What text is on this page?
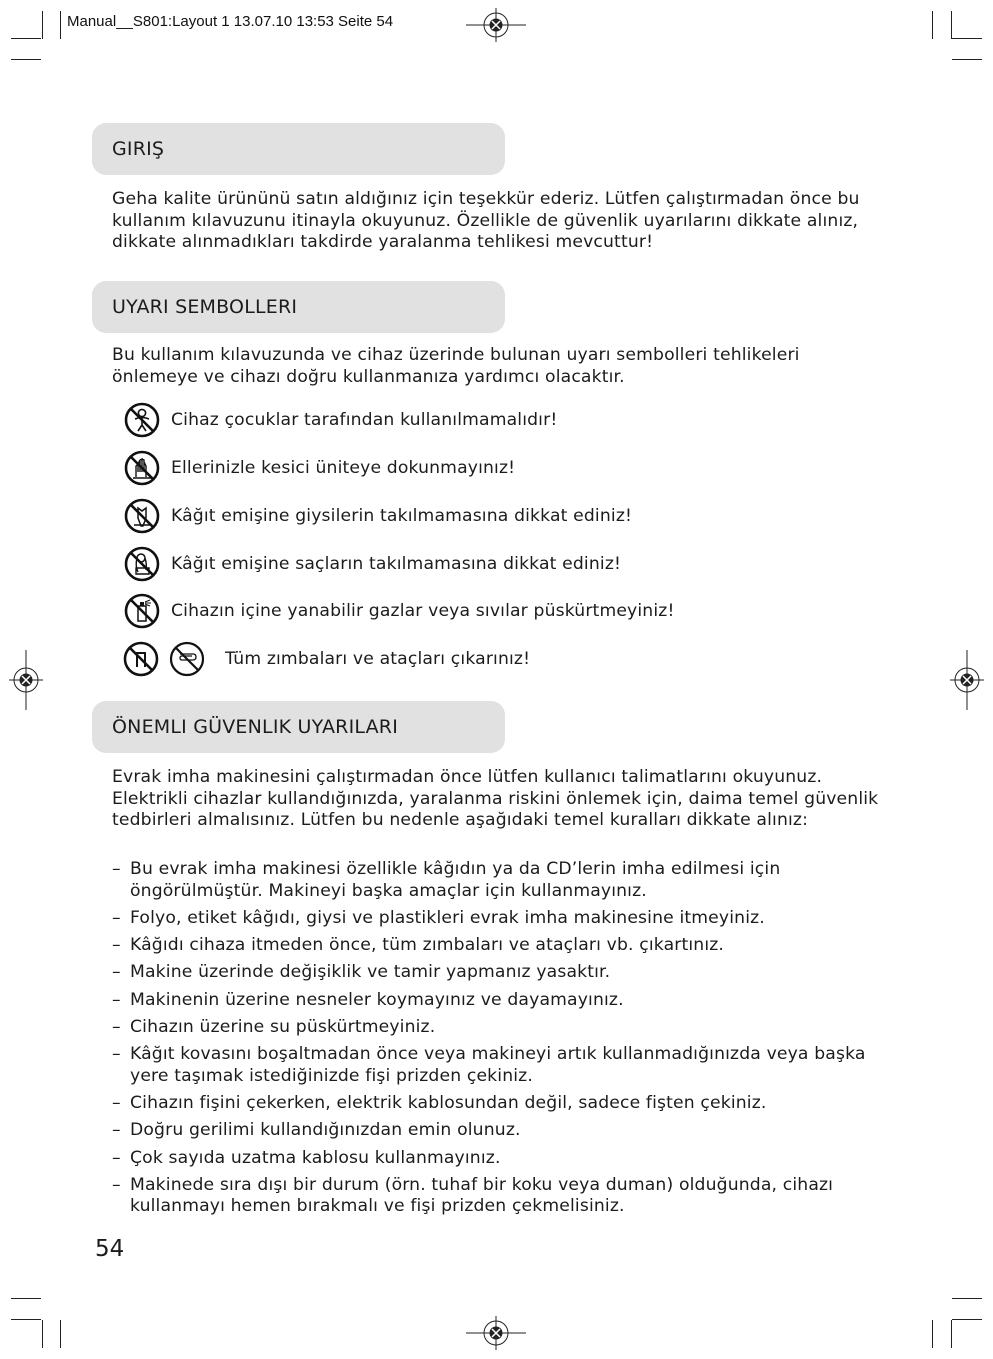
Manual__S801:Layout 1 13.07.10 13:53 Seite 54
GIRIŞ
Geha kalite ürününü satın aldığınız için teşekkür ederiz. Lütfen çalıştırmadan önce bu kullanım kılavuzunu itinayla okuyunuz. Özellikle de güvenlik uyarılarını dikkate alınız, dikkate alınmadıkları takdirde yaralanma tehlikesi mevcuttur!
UYARI SEMBOLLERI
Bu kullanım kılavuzunda ve cihaz üzerinde bulunan uyarı sembolleri tehlikeleri önlemeye ve cihazı doğru kullanmanıza yardımcı olacaktır.
Cihaz çocuklar tarafından kullanılmamalıdır!
Ellerinizle kesici üniteye dokunmayınız!
Kâğıt emişine giysilerin takılmamasına dikkat ediniz!
Kâğıt emişine saçların takılmamasına dikkat ediniz!
Cihazın içine yanabilir gazlar veya sıvılar püskürtmeyiniz!
Tüm zımbaları ve ataçları çıkarınız!
ÖNEMLI GÜVENLIK UYARILARI
Evrak imha makinesini çalıştırmadan önce lütfen kullanıcı talimatlarını okuyunuz. Elektrikli cihazlar kullandığınızda, yaralanma riskini önlemek için, daima temel güvenlik tedbirleri almalısınız. Lütfen bu nedenle aşağıdaki temel kuralları dikkate alınız:
– Bu evrak imha makinesi özellikle kâğıdın ya da CD’lerin imha edilmesi için öngörülmüştür. Makineyi başka amaçlar için kullanmayınız.
– Folyo, etiket kâğıdı, giysi ve plastikleri evrak imha makinesine itmeyiniz.
– Kâğıdı cihaza itmeden önce, tüm zımbaları ve ataçları vb. çıkartınız.
– Makine üzerinde değişiklik ve tamir yapmanız yasaktır.
– Makinenin üzerine nesneler koymayınız ve dayamayınız.
– Cihazın üzerine su püskürtmeyiniz.
– Kâğıt kovasını boşaltmadan önce veya makineyi artık kullanmadığınızda veya başka yere taşımak istediğinizde fişi prizden çekiniz.
– Cihazın fişini çekerken, elektrik kablosundan değil, sadece fişten çekiniz.
– Doğru gerilimi kullandığınızdan emin olunuz.
– Çok sayıda uzatma kablosu kullanmayınız.
– Makinede sıra dışı bir durum (örn. tuhaf bir koku veya duman) olduğunda, cihazı kullanmayı hemen bırakmalı ve fişi prizden çekmelisiniz.
54
